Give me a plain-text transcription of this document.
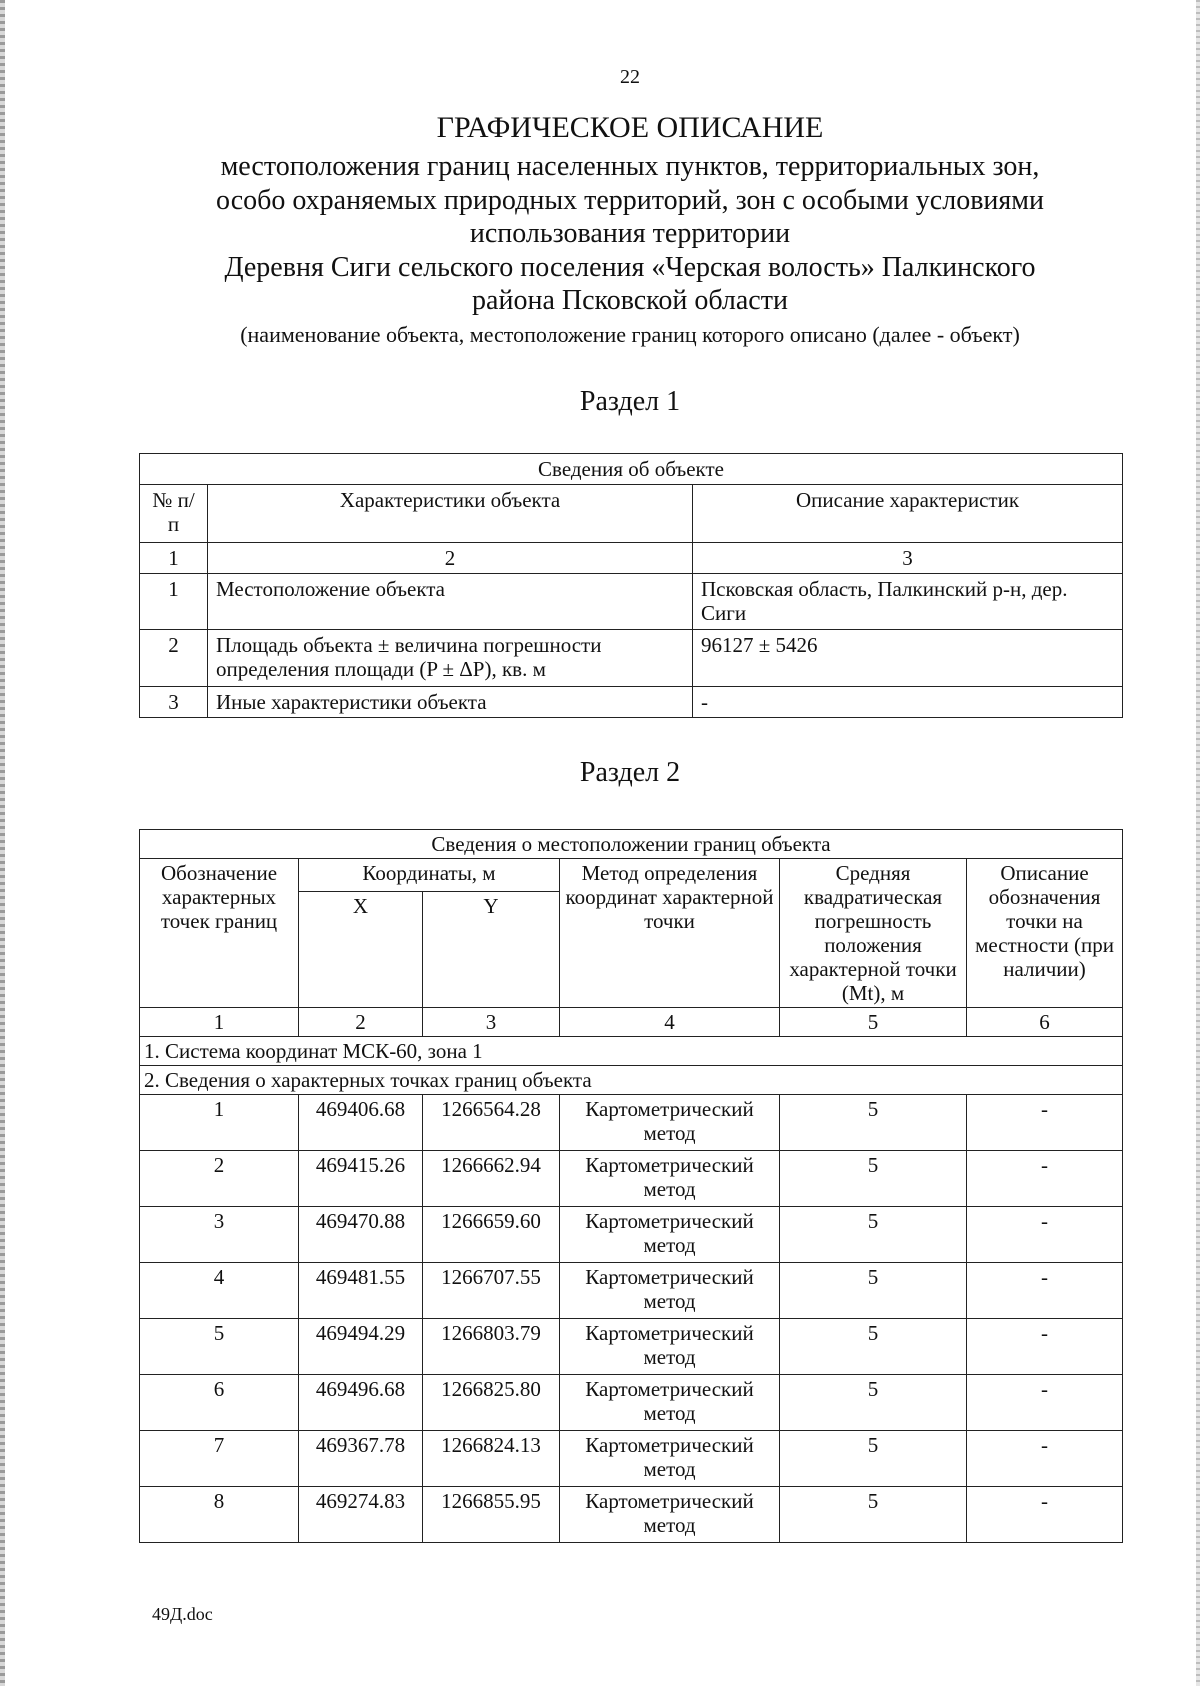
22
ГРАФИЧЕСКОЕ ОПИСАНИЕ
местоположения границ населенных пунктов, территориальных зон,
особо охраняемых природных территорий, зон с особыми условиями
использования территории
Деревня Сиги сельского поселения «Черская волость» Палкинского
района Псковской области
(наименование объекта, местоположение границ которого описано (далее - объект)
Раздел 1
Сведения об объекте		
№ п/п	Характеристики объекта	Описание характеристик
1	2	3
1	Местоположение объекта	Псковская область, Палкинский р-н, дер. Сиги
2	Площадь объекта ± величина погрешности определения площади (P ± ΔP), кв. м	96127 ± 5426
3	Иные характеристики объекта	-
Раздел 2
Сведения о местоположении границ объекта					
Обозначение характерных точек границ	Координаты, м		Метод определения координат характерной точки	Средняя квадратическая погрешность положения характерной точки (Mt), м	Описание обозначения точки на местности (при наличии)
	X	Y			
1	2	3	4	5	6
1. Система координат МСК-60, зона 1					
2. Сведения о характерных точках границ объекта					
1	469406.68	1266564.28	Картометрический метод	5	-
2	469415.26	1266662.94	Картометрический метод	5	-
3	469470.88	1266659.60	Картометрический метод	5	-
4	469481.55	1266707.55	Картометрический метод	5	-
5	469494.29	1266803.79	Картометрический метод	5	-
6	469496.68	1266825.80	Картометрический метод	5	-
7	469367.78	1266824.13	Картометрический метод	5	-
8	469274.83	1266855.95	Картометрический метод	5	-
49Д.doc
